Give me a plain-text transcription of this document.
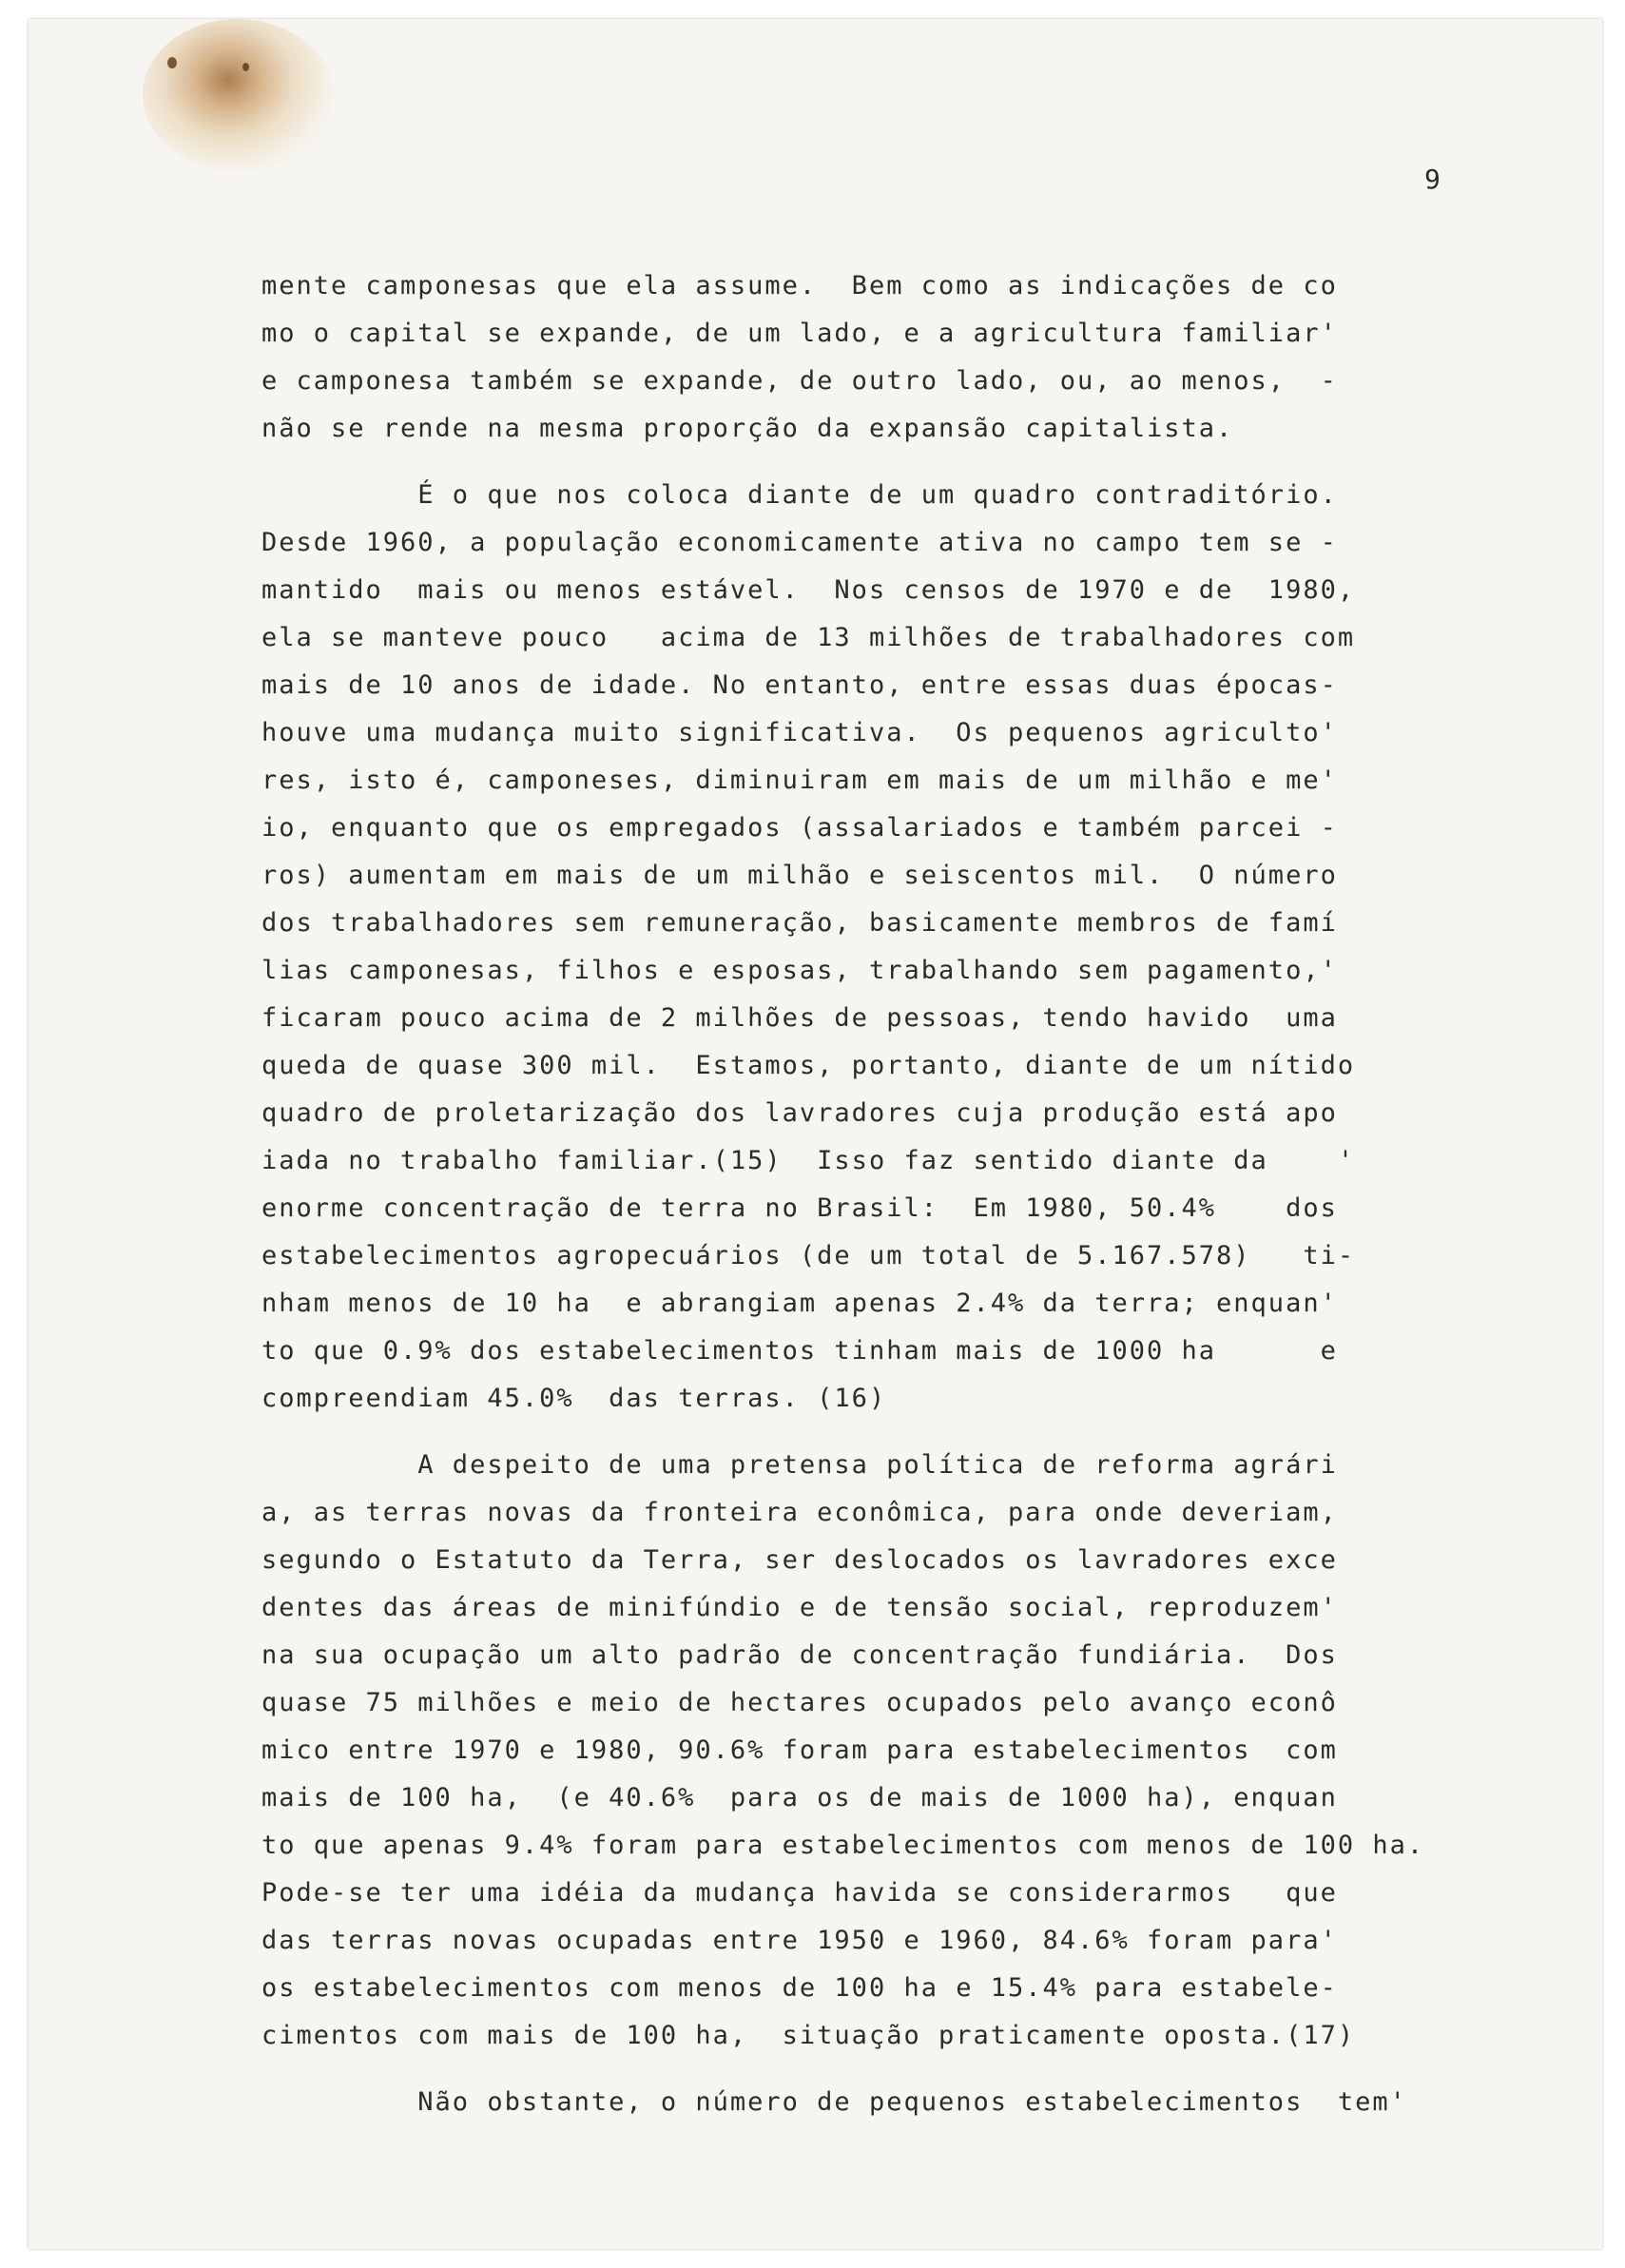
9
mente camponesas que ela assume.  Bem como as indicações de co
mo o capital se expande, de um lado, e a agricultura familiar'
e camponesa também se expande, de outro lado, ou, ao menos,  -
não se rende na mesma proporção da expansão capitalista.
É o que nos coloca diante de um quadro contraditório.
Desde 1960, a população economicamente ativa no campo tem se -
mantido  mais ou menos estável.  Nos censos de 1970 e de  1980,
ela se manteve pouco   acima de 13 milhões de trabalhadores com
mais de 10 anos de idade. No entanto, entre essas duas épocas-
houve uma mudança muito significativa.  Os pequenos agriculto'
res, isto é, camponeses, diminuiram em mais de um milhão e me'
io, enquanto que os empregados (assalariados e também parcei -
ros) aumentam em mais de um milhão e seiscentos mil.  O número
dos trabalhadores sem remuneração, basicamente membros de famí
lias camponesas, filhos e esposas, trabalhando sem pagamento,'
ficaram pouco acima de 2 milhões de pessoas, tendo havido  uma
queda de quase 300 mil.  Estamos, portanto, diante de um nítido
quadro de proletarização dos lavradores cuja produção está apo
iada no trabalho familiar.(15)  Isso faz sentido diante da    '
enorme concentração de terra no Brasil:  Em 1980, 50.4%    dos
estabelecimentos agropecuários (de um total de 5.167.578)   ti-
nham menos de 10 ha  e abrangiam apenas 2.4% da terra; enquan'
to que 0.9% dos estabelecimentos tinham mais de 1000 ha      e
compreendiam 45.0%  das terras. (16)
A despeito de uma pretensa política de reforma agrári
a, as terras novas da fronteira econômica, para onde deveriam,
segundo o Estatuto da Terra, ser deslocados os lavradores exce
dentes das áreas de minifúndio e de tensão social, reproduzem'
na sua ocupação um alto padrão de concentração fundiária.  Dos
quase 75 milhões e meio de hectares ocupados pelo avanço econô
mico entre 1970 e 1980, 90.6% foram para estabelecimentos  com
mais de 100 ha,  (e 40.6%  para os de mais de 1000 ha), enquan
to que apenas 9.4% foram para estabelecimentos com menos de 100 ha.
Pode-se ter uma idéia da mudança havida se considerarmos   que
das terras novas ocupadas entre 1950 e 1960, 84.6% foram para'
os estabelecimentos com menos de 100 ha e 15.4% para estabele-
cimentos com mais de 100 ha,  situação praticamente oposta.(17)
Não obstante, o número de pequenos estabelecimentos  tem'
